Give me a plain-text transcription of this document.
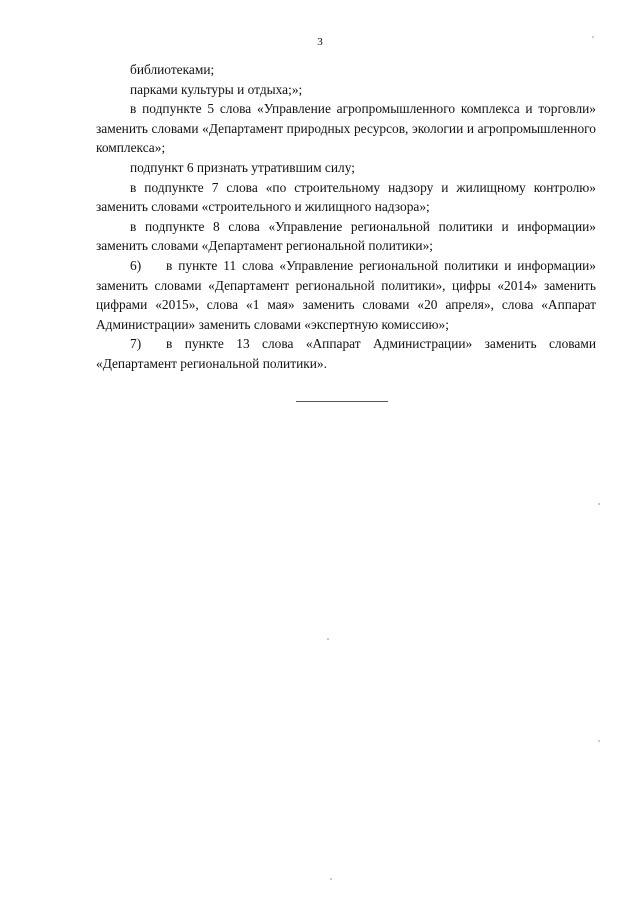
3

библиотеками;

парками культуры и отдыха;»;

в подпункте 5 слова «Управление агропромышленного комплекса и торговли» заменить словами «Департамент природных ресурсов, экологии и агропромышленного комплекса»;

подпункт 6 признать утратившим силу;

в подпункте 7 слова «по строительному надзору и жилищному контролю» заменить словами «строительного и жилищного надзора»;

в подпункте 8 слова «Управление региональной политики и информации» заменить словами «Департамент региональной политики»;

6) в пункте 11 слова «Управление региональной политики и информации» заменить словами «Департамент региональной политики», цифры «2014» заменить цифрами «2015», слова «1 мая» заменить словами «20 апреля», слова «Аппарат Администрации» заменить словами «экспертную комиссию»;

7) в пункте 13 слова «Аппарат Администрации» заменить словами «Департамент региональной политики».
